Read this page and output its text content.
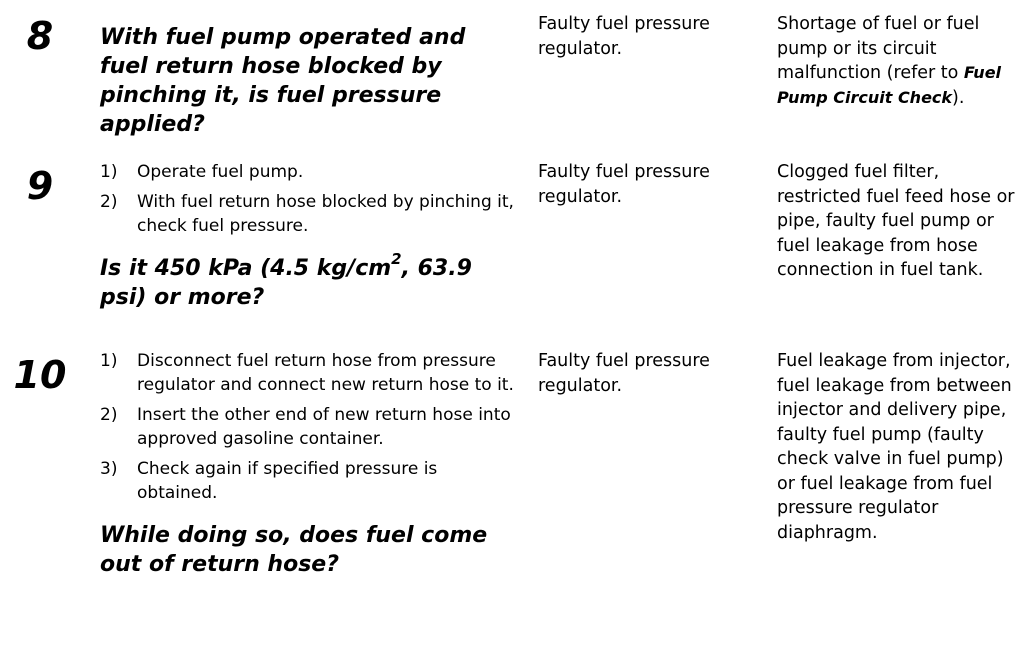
8	With fuel pump operated and fuel return hose blocked by pinching it, is fuel pressure applied?

Faulty fuel pressure regulator.

Shortage of fuel or fuel pump or its circuit malfunction (refer to Fuel Pump Circuit Check).

9	1) Operate fuel pump.
2) With fuel return hose blocked by pinching it, check fuel pressure.

Is it 450 kPa (4.5 $kg/cm^2$, 63.9 psi) or more?

Faulty fuel pressure regulator.

Clogged fuel filter, restricted fuel feed hose or pipe, faulty fuel pump or fuel leakage from hose connection in fuel tank.

10 1) Disconnect fuel return hose from pressure regulator and connect new return hose to it.
2) Insert the other end of new return hose into approved gasoline container.
3) Check again if specified pressure is obtained.

While doing so, does fuel come out of return hose?

Faulty fuel pressure regulator.

Fuel leakage from injector, fuel leakage from between injector and delivery pipe, faulty fuel pump (faulty check valve in fuel pump) or fuel leakage from fuel pressure regulator diaphragm.
